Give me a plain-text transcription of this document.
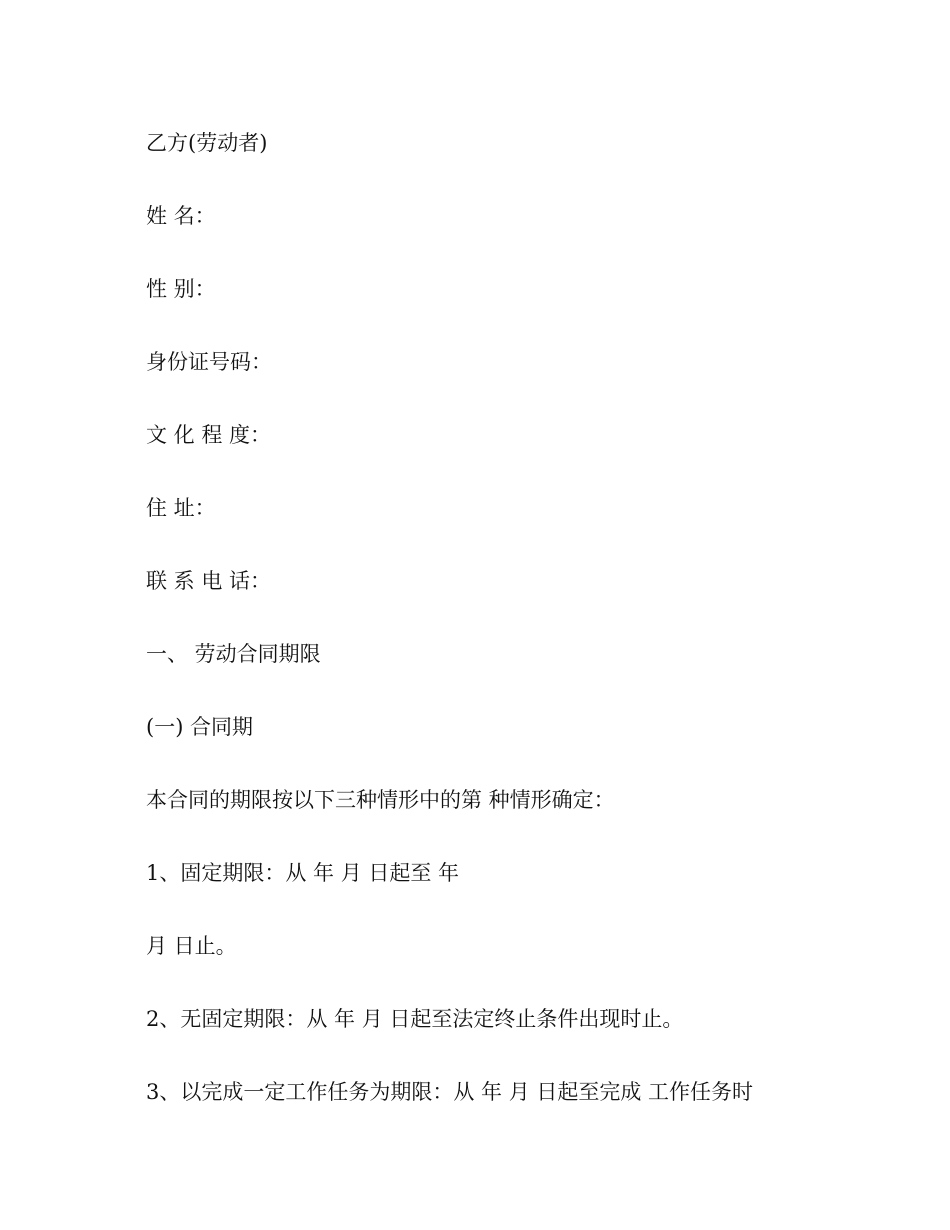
乙方(劳动者)

姓 名：

性 别：

身份证号码：

文 化 程 度：

住 址：

联 系 电 话：

一、 劳动合同期限

(一) 合同期

本合同的期限按以下三种情形中的第 种情形确定：

1、固定期限：从 年 月 日起至 年

月 日止。

2、无固定期限：从 年 月 日起至法定终止条件出现时止。

3、以完成一定工作任务为期限：从 年 月 日起至完成 工作任务时
